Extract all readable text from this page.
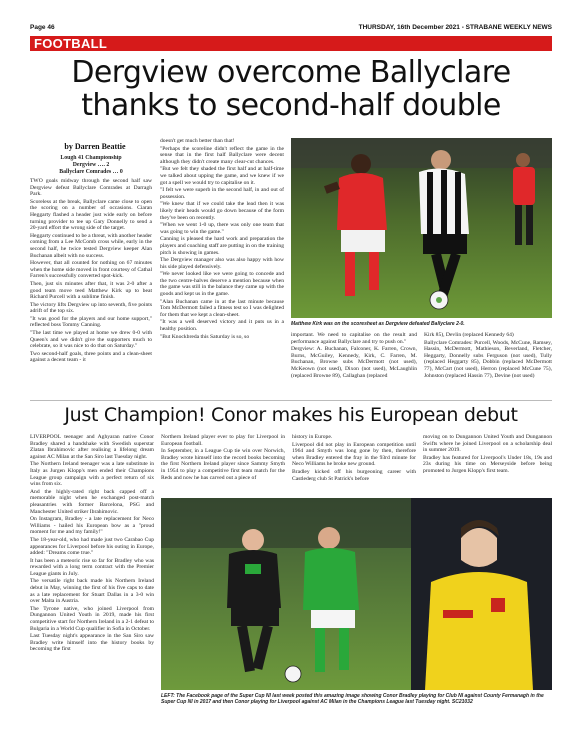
Page 46	THURSDAY, 16th December 2021 - STRABANE WEEKLY NEWS
FOOTBALL
Dergview overcome Ballyclare
thanks to second-half double
by Darren Beattie
Lough 41 Championship
Dergview …. 2
Ballyclare Comrades … 0

TWO goals midway through the second half saw Dergview defeat Ballyclare Comrades at Darragh Park.

Scoreless at the break, Ballyclare came close to open the scoring on a number of occasions. Ciaran Heggarty flashed a header just wide early on before turning provider to tee up Gary Donnelly to send a 20-yard effort the wrong side of the target.

Heggarty continued to be a threat, with another header coming from a Lee McComb cross while, early in the second half, he twice tested Dergview keeper Alan Buchanan albeit with no success.

However, that all counted for nothing on 67 minutes when the home side moved in front courtesy of Cathal Farren's successfully converted spot-kick.

Then, just six minutes after that, it was 2-0 after a good team move teed Matthew Kirk up to beat Richard Purcell with a sublime finish.

The victory lifts Dergview up into seventh, five points adrift of the top six.

"It was good for the players and our home support," reflected boss Tommy Canning.

"The last time we played at home we drew 0-0 with Queen's and we didn't give the supporters much to celebrate, so it was nice to do that on Saturday."

Two second-half goals, three points and a clean-sheet against a decent team - it

doesn't get much better than that!

"Perhaps the scoreline didn't reflect the game in the sense that in the first half Ballyclare were decent although they didn't create many clear-cut chances.

"But we felt they shaded the first half and at half-time we talked about upping the game, and we knew if we got a spell we would try to capitalise on it.

"I felt we were superb in the second half, in and out of possession.

"We knew that if we could take the lead then it was likely their heads would go down because of the form they've been on recently.

"When we went 1-0 up, there was only one team that was going to win the game."

Canning is pleased the hard work and preparation the players and coaching staff are putting in on the training pitch is showing in games.

The Dergview manager also was also happy with how his side played defensively.

"We never looked like we were going to concede and the two centre-halves deserve a mention because when the game was still in the balance they came up with the goods and kept us in the game.

"Alan Buchanan came in at the last minute because Tom McDermott failed a fitness test so I was delighted for them that we kept a clean-sheet.

"It was a well deserved victory and it puts us in a healthy position.

"But Knockbreda this Saturday is so, so

Matthew Kirk was on the scoresheet as Dergview defeated Ballyclare 2-0.

important. We need to capitalise on the result and performance against Ballyclare and try to push on."

Dergview: A. Buchanan, Falconer, K. Farren, Crown, Burns, McGuiley, Kennedy, Kirk, C. Farren, M. Buchanan, Browne subs McDermott (not used), McKeown (not used), Dixon (not used), McLaughlin (replaced Browne 89), Callaghan (replaced

Kirk 85), Devlin (replaced Kennedy 64)

Ballyclare Comrades: Purcell, Woods, McCune, Ramsey, Hassin, McDermott, Mathieson, Beverland, Fletcher, Heggarty, Donnelly subs Ferguson (not used), Tully (replaced Heggarty 85), Dobbin (replaced McDermott 77), McCart (not used), Herron (replaced McCune 75), Johnston (replaced Hassin 77), Devine (not used)

Just Champion! Conor makes his European debut

LIVERPOOL teenager and Aghyaran native Conor Bradley shared a handshake with Swedish superstar Zlatan Ibrahimovic after realising a lifelong dream against AC Milan at the San Siro last Tuesday night.

The Northern Ireland teenager was a late substitute in Italy as Jurgen Klopp's men ended their Champions League group campaign with a perfect return of six wins from six.

And the highly-rated right back capped off a memorable night when he exchanged post-match pleasantries with former Barcelona, PSG and Manchester United striker Ibrahimovic.

On Instagram, Bradley - a late replacement for Neco Williams - hailed his European bow as a "proud moment for me and my family!"

The 18-year-old, who had made just two Carabao Cup appearances for Liverpool before his outing in Europe, added: "Dreams come true."

It has been a meteoric rise so far for Bradley who was rewarded with a long term contract with the Premier League giants in July.

The versatile right back made his Northern Ireland debut in May, winning the first of his five caps to date as a late replacement for Stuart Dallas in a 3-0 win over Malta in Austria.

The Tyrone native, who joined Liverpool from Dungannon United Youth in 2019, made his first competitive start for Northern Ireland in a 2-1 defeat to Bulgaria in a World Cup qualifier in Sofia in October.

Last Tuesday night's appearance in the San Siro saw Bradley write himself into the history books by becoming the first

Northern Ireland player ever to play for Liverpool in European football.

In September, in a League Cup tie win over Norwich, Bradley wrote himself into the record books becoming the first Northern Ireland player since Sammy Smyth in 1954 to play a competitive first team match for the Reds and now he has carved out a piece of

history in Europe.

Liverpool did not play in European competition until 1964 and Smyth was long gone by then, therefore when Bradley entered the fray in the 93rd minute for Neco Williams he broke new ground.

Bradley kicked off his burgeoning career with Castlederg club St Patrick's before

moving on to Dungannon United Youth and Dungannon Swifts where he joined Liverpool on a scholarship deal in summer 2019.

Bradley has featured for Liverpool's Under 18s, 19s and 23s during his time on Merseyside before being promoted to Jurgen Klopp's first team.

LEFT: The Facebook page of the Super Cup NI last week posted this amazing image showing Conor Bradley playing for Club NI against County Fermanagh in the Super Cup NI in 2017 and then Conor playing for Liverpool against AC Milan in the Champions League last Tuesday night. SC21032
